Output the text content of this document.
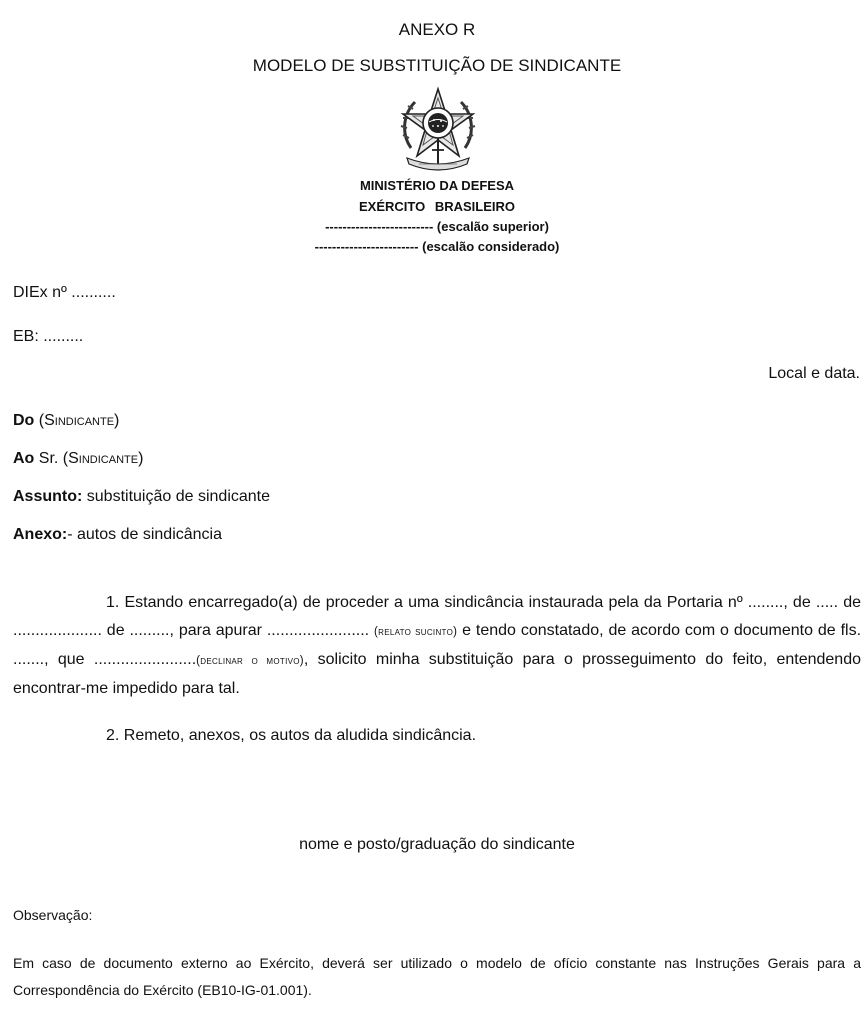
ANEXO R
MODELO DE SUBSTITUIÇÃO DE SINDICANTE
MINISTÉRIO DA DEFESA
EXÉRCITO BRASILEIRO
------------------------- (escalão superior)
------------------------ (escalão considerado)
DIEx nº ..........
EB: .........
Local e data.
Do (Sindicante)
Ao Sr. (Sindicante)
Assunto: substituição de sindicante
Anexo:- autos de sindicância
1. Estando encarregado(a) de proceder a uma sindicância instaurada pela da Portaria nº ........, de ..... de .................... de ........., para apurar ....................... (relato sucinto) e tendo constatado, de acordo com o documento de fls. ......., que .......................(declinar o motivo), solicito minha substituição para o prosseguimento do feito, entendendo encontrar-me impedido para tal.
2. Remeto, anexos, os autos da aludida sindicância.
nome e posto/graduação do sindicante
Observação:
Em caso de documento externo ao Exército, deverá ser utilizado o modelo de ofício constante nas Instruções Gerais para a Correspondência do Exército (EB10-IG-01.001).
